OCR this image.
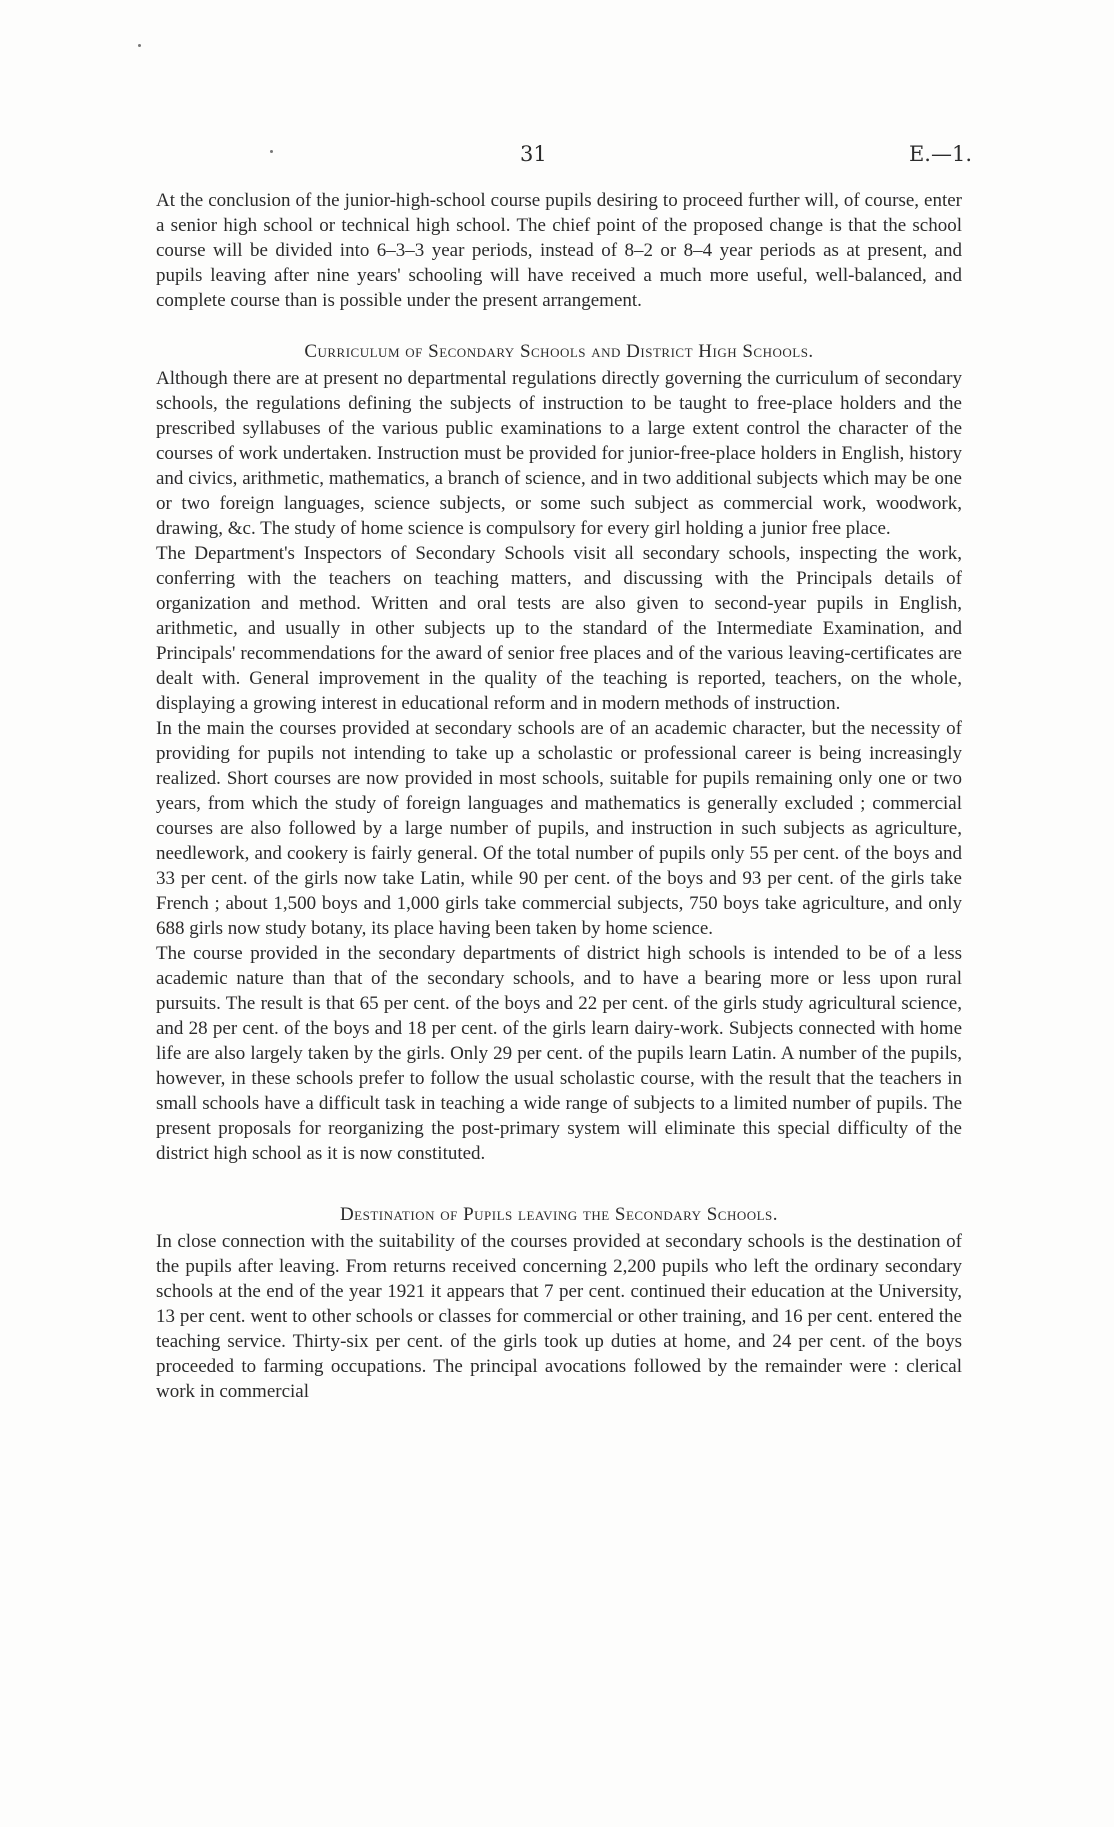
31	E.—1.

At the conclusion of the junior-high-school course pupils desiring to proceed further will, of course, enter a senior high school or technical high school. The chief point of the proposed change is that the school course will be divided into 6–3–3 year periods, instead of 8–2 or 8–4 year periods as at present, and pupils leaving after nine years' schooling will have received a much more useful, well-balanced, and complete course than is possible under the present arrangement.

Curriculum of Secondary Schools and District High Schools.

Although there are at present no departmental regulations directly governing the curriculum of secondary schools, the regulations defining the subjects of instruction to be taught to free-place holders and the prescribed syllabuses of the various public examinations to a large extent control the character of the courses of work undertaken. Instruction must be provided for junior-free-place holders in English, history and civics, arithmetic, mathematics, a branch of science, and in two additional subjects which may be one or two foreign languages, science subjects, or some such subject as commercial work, woodwork, drawing, &c. The study of home science is compulsory for every girl holding a junior free place.

The Department's Inspectors of Secondary Schools visit all secondary schools, inspecting the work, conferring with the teachers on teaching matters, and discussing with the Principals details of organization and method. Written and oral tests are also given to second-year pupils in English, arithmetic, and usually in other subjects up to the standard of the Intermediate Examination, and Principals' recommendations for the award of senior free places and of the various leaving-certificates are dealt with. General improvement in the quality of the teaching is reported, teachers, on the whole, displaying a growing interest in educational reform and in modern methods of instruction.

In the main the courses provided at secondary schools are of an academic character, but the necessity of providing for pupils not intending to take up a scholastic or professional career is being increasingly realized. Short courses are now provided in most schools, suitable for pupils remaining only one or two years, from which the study of foreign languages and mathematics is generally excluded ; commercial courses are also followed by a large number of pupils, and instruction in such subjects as agriculture, needlework, and cookery is fairly general. Of the total number of pupils only 55 per cent. of the boys and 33 per cent. of the girls now take Latin, while 90 per cent. of the boys and 93 per cent. of the girls take French ; about 1,500 boys and 1,000 girls take commercial subjects, 750 boys take agriculture, and only 688 girls now study botany, its place having been taken by home science.

The course provided in the secondary departments of district high schools is intended to be of a less academic nature than that of the secondary schools, and to have a bearing more or less upon rural pursuits. The result is that 65 per cent. of the boys and 22 per cent. of the girls study agricultural science, and 28 per cent. of the boys and 18 per cent. of the girls learn dairy-work. Subjects connected with home life are also largely taken by the girls. Only 29 per cent. of the pupils learn Latin. A number of the pupils, however, in these schools prefer to follow the usual scholastic course, with the result that the teachers in small schools have a difficult task in teaching a wide range of subjects to a limited number of pupils. The present proposals for reorganizing the post-primary system will eliminate this special difficulty of the district high school as it is now constituted.

Destination of Pupils leaving the Secondary Schools.

In close connection with the suitability of the courses provided at secondary schools is the destination of the pupils after leaving. From returns received concerning 2,200 pupils who left the ordinary secondary schools at the end of the year 1921 it appears that 7 per cent. continued their education at the University, 13 per cent. went to other schools or classes for commercial or other training, and 16 per cent. entered the teaching service. Thirty-six per cent. of the girls took up duties at home, and 24 per cent. of the boys proceeded to farming occupations. The principal avocations followed by the remainder were : clerical work in commercial
